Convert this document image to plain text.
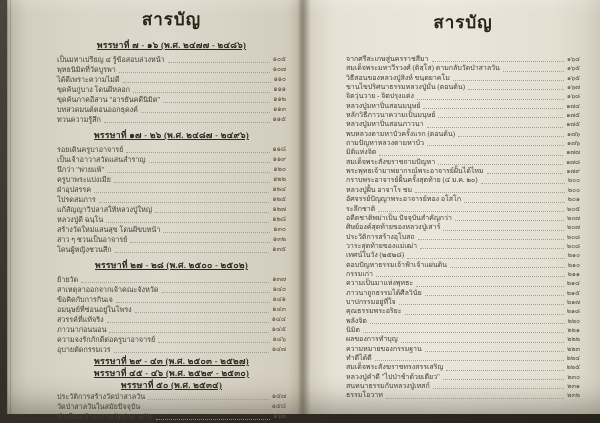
สารบัญ
พรรษาที่ ๗ - ๑๖ (พ.ศ. ๒๔๗๗ - ๒๔๘๖)
เป็นมหาเปรียญ ๔ รู้ข้อสอบล่วงหน้า	๑๐๕
พุทธนิมิตที่วัดบูรพา	๑๐๗
ได้ดีเพราะความไม่ดี	๑๑๐
ขุดค้นกู่บาง โดนผีหลอก	๑๑๑
ขุดค้นภาคอีสาน "อารยันคดีนิมิต"	๑๑๒
บทสวดมนต์ตอนออกธุดงค์	๑๑๓
ทวนความรู้สึก	๑๑๕
พรรษาที่ ๑๗ - ๒๖ (พ.ศ. ๒๔๘๗ - ๒๔๙๖)
รอยเดินครูบาอาจารย์	๑๑๘
เป็นเจ้าอาวาสวัดแสนสำราญ	๑๑๙
นึกว่า "พ่ายแพ้"	๑๒๐
ครูบาพระแบ่งเมีย	๑๒๒
ฝ่าอุปสรรค	๑๒๔
โปรดสมภาร	๑๒๕
แก้สัญญาวิปลาสให้หลวงปู่ใหญ่	๑๒๗
หลวงปู่ดี ฉนฺโน	๑๒๘
สร้างวัดใหม่แสนสุข โดนผีขบหน้า	๑๓๐
สาว ๆ ชวนเป็นอาจารย์	๑๓๒
โดนผู้หญิงชวนสึก	๑๓๕
พรรษาที่ ๒๗ - ๒๘ (พ.ศ. ๒๕๐๐ - ๒๕๐๒)
ย้ายวัด	๑๓๗
สาเหตุลาออกจากเจ้าคณะจังหวัด	๑๔๐
ข้อคิดกับการกินเจ	๑๔๑
อมนุษย์ที่ซ่อนอยู่ในโพรง	๑๔๓
สวรรค์ที่แท้จริง	๑๔๔
ภาวนาก่อนนอน	๑๔๕
ความจงรักภักดีต่อครูบาอาจารย์	๑๔๖
อุบายตัดกรรมเวร	๑๔๗
พรรษาที่ ๒๙ - ๔๓ (พ.ศ. ๒๕๐๓ - ๒๕๒๗)
พรรษาที่ ๔๕ - ๔๖ (พ.ศ. ๒๕๒๙ - ๒๕๓๐)
พรรษาที่ ๕๐ (พ.ศ. ๒๕๓๔)
ประวัติการสร้างวัดป่าสาลวัน	๑๕๗
วัดป่าสาลวันในสมัยปัจจุบัน	๑๕๘
ทำเนียบเจ้าอาวาสวัดป่าสาลวัน	๑๖๒
สารบัญ
จากศรีสะเกษสู่นครราชสีมา	๑๖๔
สมเด็จพระมหาวีรวงศ์ (ติสฺโส) ตามกลับวัดป่าสาลวัน	๑๖๕
วิธีสอนของหลวงปู่สิงห์ ขนฺตยาคโม	๑๖๕
ขานไขปริศนาธรรมหลวงปู่มั่น (ตอนต้น)	๑๖๗
จิตวุ่นวาย - จิตปรุงแต่ง	๑๖๘
หลวงปู่มหาปิ่นสอนมนุษย์	๑๗๔
หลักวิธีภาวนาความเป็นมนุษย์	๑๗๕
หลวงปู่มหาปิ่นสอนภาวนา	๑๗๕
พบหลวงตามหาบัวครั้งแรก (ตอนต้น)	๑๗๖
ถามปัญหาหลวงตามหาบัว	๑๗๖
มิติแห่งจิต	๑๗๗
สมเด็จพระสังฆราชถามปัญหา	๑๗๘
พระพุทธเจ้ามาพยากรณ์พระอาจารย์ฝั้นได้ไหม	๑๗๙
กราบพระอาจารย์ฝั้นครั้งสุดท้าย (๔ ม.ค. ๒๐)	๒๐๐
หลวงปู่ฝั้น อาจาโร ชม	๒๐๐
อัศจรรย์ปัญญาพระอาจารย์ทอง อโสโก	๒๐๑
ระลึกชาติ	๒๐๕
อดีตชาติพม่าเป็น ปัจจุบันสำคัญกว่า	๒๐๗
ศิษย์องค์สุดท้ายของหลวงปู่เสาร์	๒๐๗
ประวัติการสร้างอุโบสถ	๒๐๘
วาระสุดท้ายของแม่เฒ่า	๒๐๘
เทศน์ในวัง (๒๕๒๘)	๒๑๐
ตอบปัญหาธรรมเจ้าฟ้าเจ้าแผ่นดิน	๒๑๐
กรรมเก่า	๒๑๑
ความเป็นมาแห่งพุทธะ	๒๑๔
ภาวนาถูกธรรมได้ศีลวินัย	๒๑๕
บาปกรรมอยู่ที่ใจ	๒๑๗
คุณธรรมพระอริยะ	๒๑๘
พลังจิต	๒๒๐
นิมิต	๒๒๑
ผลของการทำบุญ	๒๒๒
ความหมายของกรรมฐาน	๒๒๓
ทำดีได้ดี	๒๒๔
สมเด็จพระสังฆราชทรงสรรเสริญ	๒๒๕
หลวงปู่คำดี "ไปป่าช้าด้วยเดียว"	๒๓๐
สนทนาธรรมกับหลวงปู่เทสก์	๒๓๑
ธรรมโอวาท	๒๓๒
